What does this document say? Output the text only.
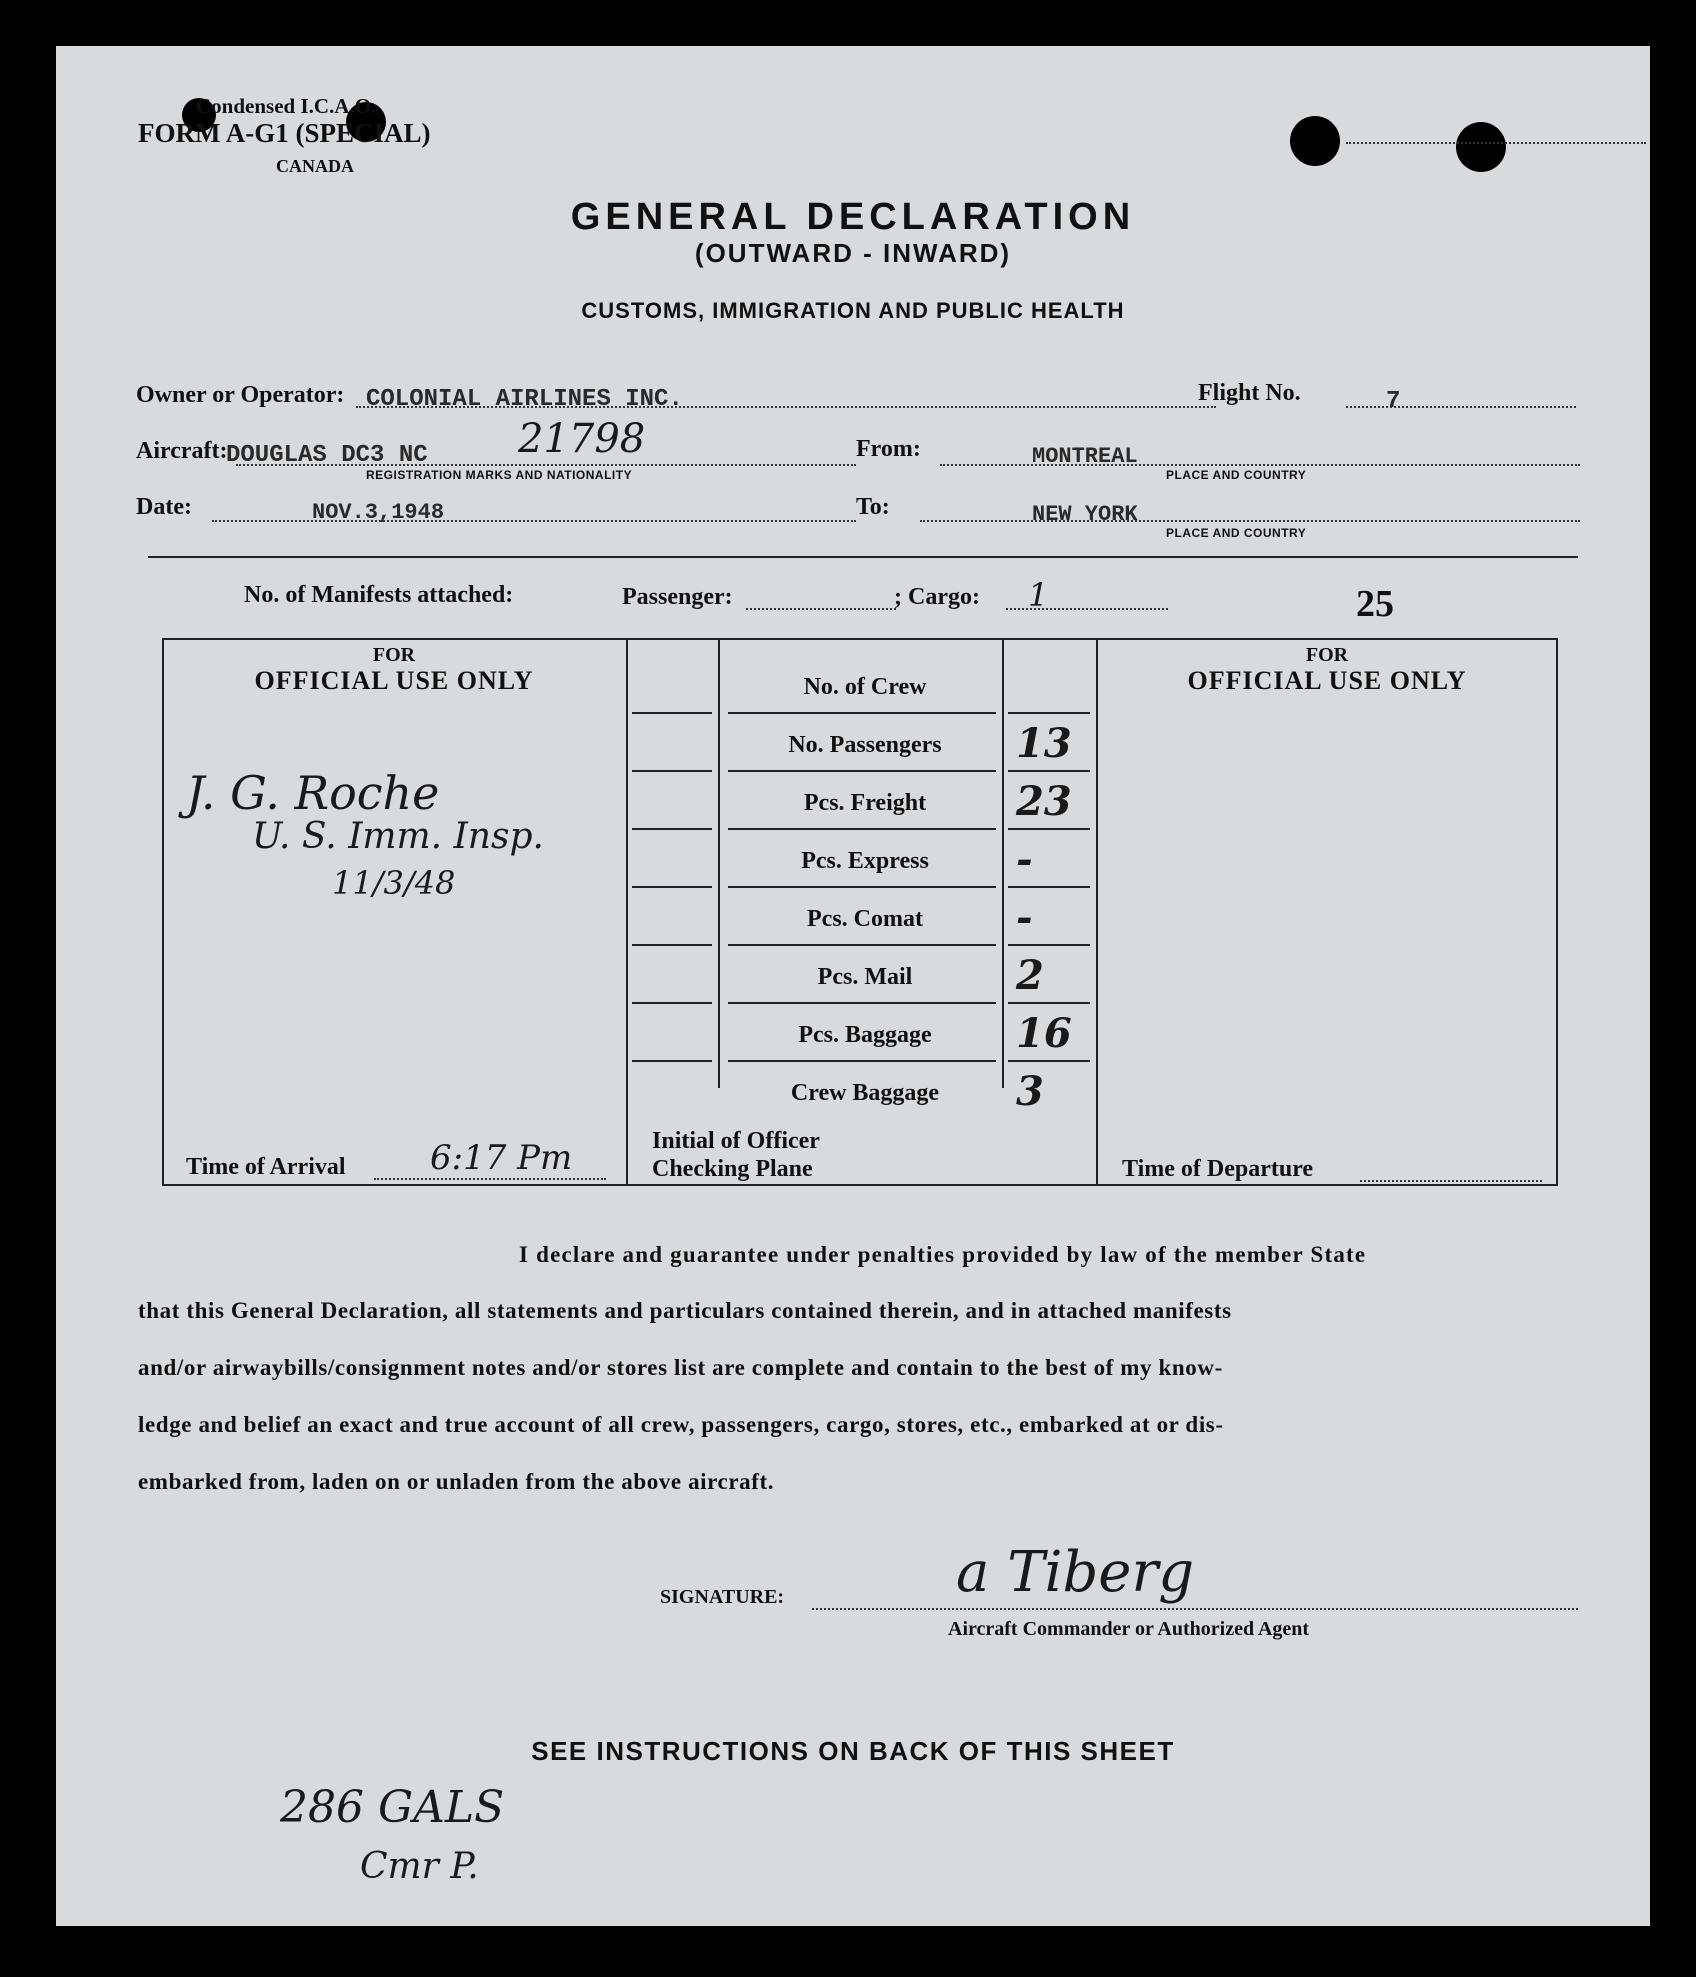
Condensed I.C.A.O.
FORM A-G1 (SPECIAL)
CANADA
GENERAL DECLARATION
(OUTWARD - INWARD)
CUSTOMS, IMMIGRATION AND PUBLIC HEALTH
Owner or Operator: COLONIAL AIRLINES INC.	Flight No.	7
Aircraft:
DOUGLAS DC3 NC 21798
REGISTRATION MARKS AND NATIONALITY
From:	MONTREAL
PLACE AND COUNTRY
Date:	NOV.3,1948	To:	NEW YORK
PLACE AND COUNTRY
No. of Manifests attached:	Passenger:	; Cargo: 1	25
FOR
OFFICIAL USE ONLY
J. G. Roche
U. S. Imm. Insp.
11/3/48
FOR
OFFICIAL USE ONLY
Time of Arrival 6:17 Pm	Initial of Officer
Checking Plane	Time of Departure
I declare and guarantee under penalties provided by law of the member State
that this General Declaration, all statements and particulars contained therein, and in attached manifests
and/or airwaybills/consignment notes and/or stores list are complete and contain to the best of my know-
ledge and belief an exact and true account of all crew, passengers, cargo, stores, etc., embarked at or dis-
embarked from, laden on or unladen from the above aircraft.
SIGNATURE:	a Tiberg
Aircraft Commander or Authorized Agent
SEE INSTRUCTIONS ON BACK OF THIS SHEET
286 GALS
Cmr P.
No. of Crew
No. Passengers	13
Pcs. Freight	23
Pcs. Express	-
Pcs. Comat	-
Pcs. Mail	2
Pcs. Baggage	16
Crew Baggage	3
